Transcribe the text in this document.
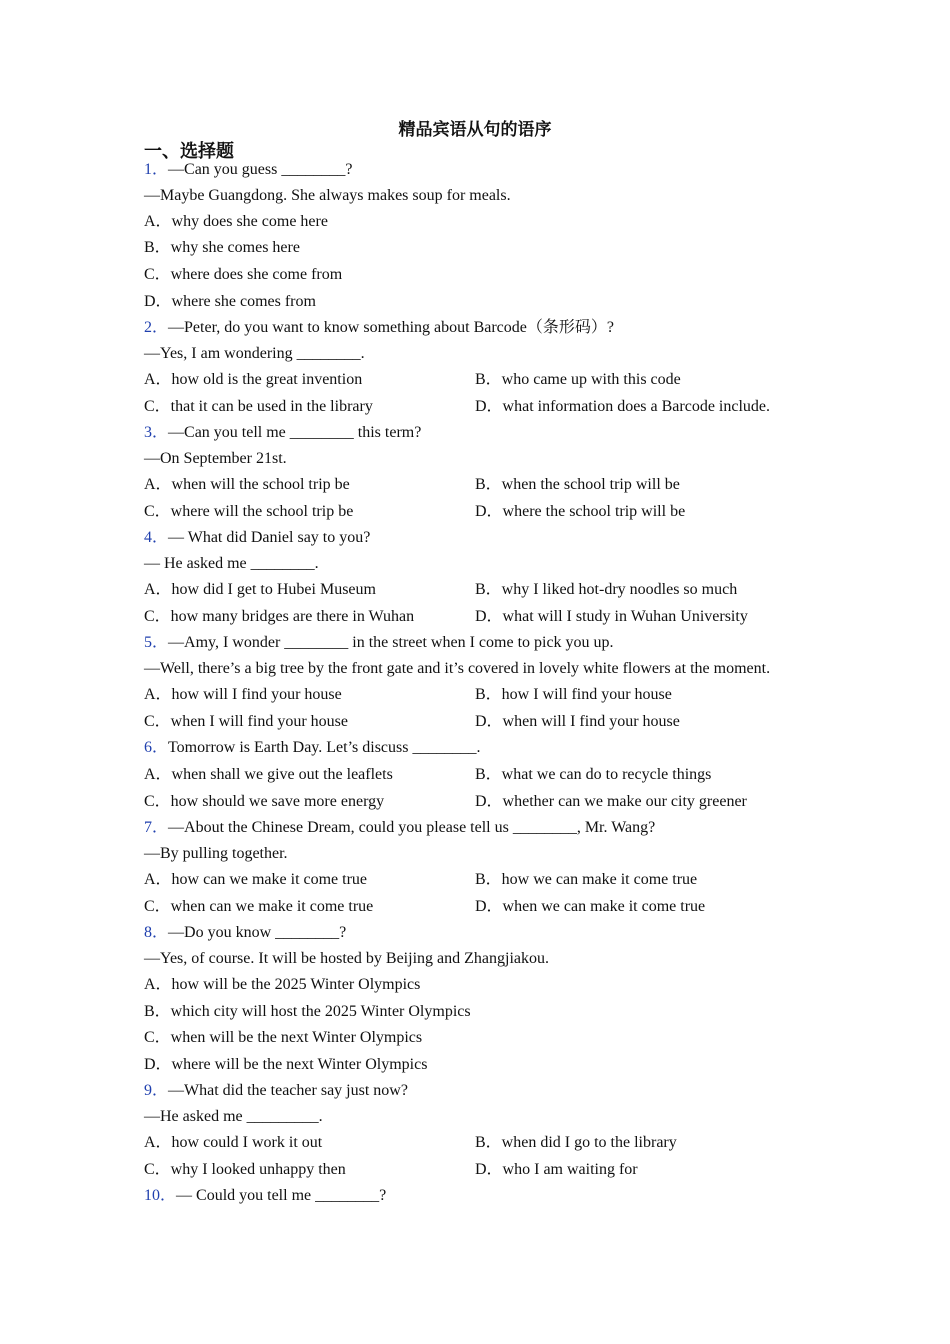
精品宾语从句的语序
一、选择题
1．—Can you guess ________?
—Maybe Guangdong. She always makes soup for meals.
A．why does she come here
B．why she comes here
C．where does she come from
D．where she comes from
2．—Peter, do you want to know something about Barcode（条形码）?
—Yes, I am wondering ________.
A．how old is the great invention	B．who came up with this code
C．that it can be used in the library	D．what information does a Barcode include.
3．—Can you tell me ________ this term?
—On September 21st.
A．when will the school trip be	B．when the school trip will be
C．where will the school trip be	D．where the school trip will be
4．— What did Daniel say to you?
— He asked me ________.
A．how did I get to Hubei Museum	B．why I liked hot-dry noodles so much
C．how many bridges are there in Wuhan	D．what will I study in Wuhan University
5．—Amy, I wonder ________ in the street when I come to pick you up.
—Well, there’s a big tree by the front gate and it’s covered in lovely white flowers at the moment.
A．how will I find your house	B．how I will find your house
C．when I will find your house	D．when will I find your house
6．Tomorrow is Earth Day. Let’s discuss ________.
A．when shall we give out the leaflets	B．what we can do to recycle things
C．how should we save more energy	D．whether can we make our city greener
7．—About the Chinese Dream, could you please tell us ________, Mr. Wang?
—By pulling together.
A．how can we make it come true	B．how we can make it come true
C．when can we make it come true	D．when we can make it come true
8．—Do you know ________?
—Yes, of course. It will be hosted by Beijing and Zhangjiakou.
A．how will be the 2025 Winter Olympics
B．which city will host the 2025 Winter Olympics
C．when will be the next Winter Olympics
D．where will be the next Winter Olympics
9．—What did the teacher say just now?
—He asked me _________.
A．how could I work it out	B．when did I go to the library
C．why I looked unhappy then	D．who I am waiting for
10．— Could you tell me ________?
